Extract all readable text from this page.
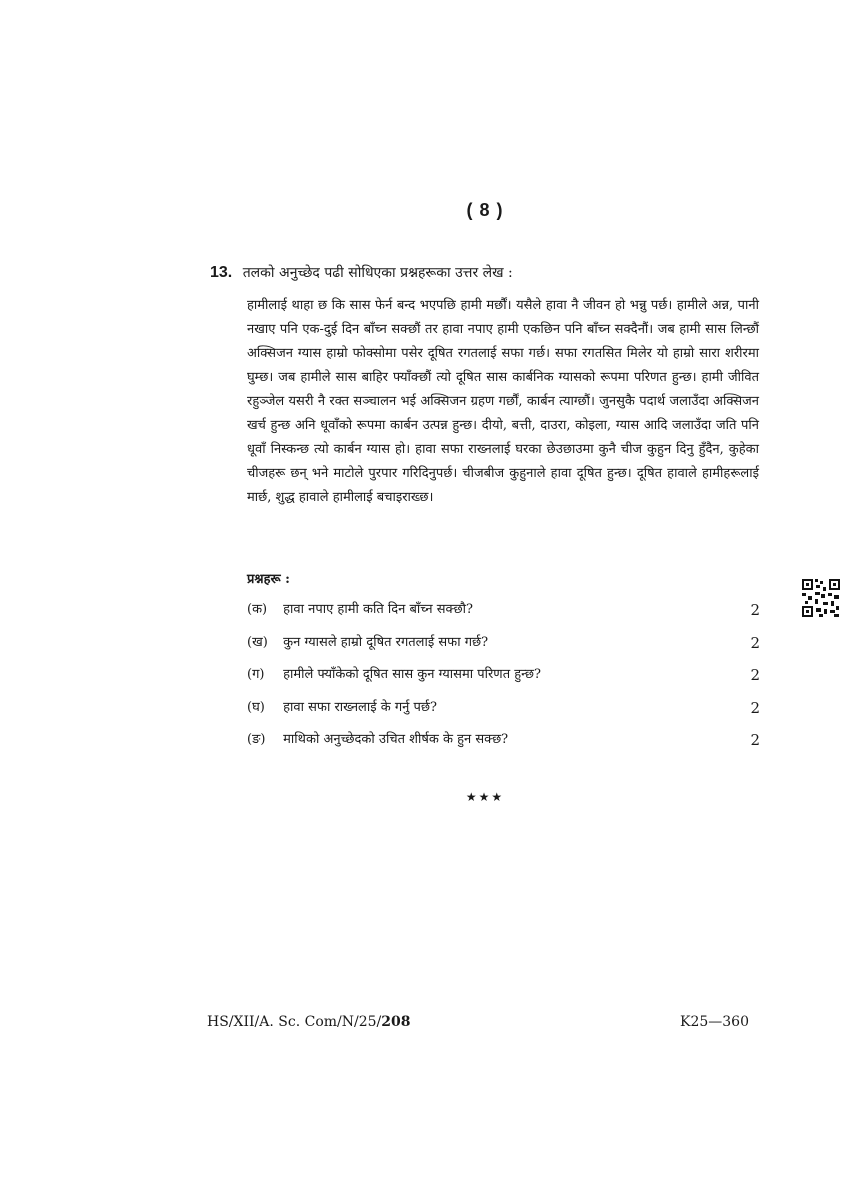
( 8 )
13. तलको अनुच्छेद पढी सोधिएका प्रश्नहरूका उत्तर लेख :

हामीलाई थाहा छ कि सास फेर्न बन्द भएपछि हामी मर्छौं। यसैले हावा नै जीवन हो भन्नु पर्छ। हामीले अन्न, पानी नखाए पनि एक-दुई दिन बाँच्न सक्छौं तर हावा नपाए हामी एकछिन पनि बाँच्न सक्दैनौं। जब हामी सास लिन्छौं अक्सिजन ग्यास हाम्रो फोक्सोमा पसेर दूषित रगतलाई सफा गर्छ। सफा रगतसित मिलेर यो हाम्रो सारा शरीरमा घुम्छ। जब हामीले सास बाहिर फ्याँक्छौं त्यो दूषित सास कार्बनिक ग्यासको रूपमा परिणत हुन्छ। हामी जीवित रहुञ्जेल यसरी नै रक्त सञ्चालन भई अक्सिजन ग्रहण गर्छौं, कार्बन त्याग्छौं। जुनसुकै पदार्थ जलाउँदा अक्सिजन खर्च हुन्छ अनि धूवाँको रूपमा कार्बन उत्पन्न हुन्छ। दीयो, बत्ती, दाउरा, कोइला, ग्यास आदि जलाउँदा जति पनि धूवाँ निस्कन्छ त्यो कार्बन ग्यास हो। हावा सफा राख्नलाई घरका छेउछाउमा कुनै चीज कुहुन दिनु हुँदैन, कुहेका चीजहरू छन् भने माटोले पुरपार गरिदिनुपर्छ। चीजबीज कुहुनाले हावा दूषित हुन्छ। दूषित हावाले हामीहरूलाई मार्छ, शुद्ध हावाले हामीलाई बचाइराख्छ।

प्रश्नहरू :
(क) हावा नपाए हामी कति दिन बाँच्न सक्छौ?	2
(ख) कुन ग्यासले हाम्रो दूषित रगतलाई सफा गर्छ?	2
(ग) हामीले फ्याँकेको दूषित सास कुन ग्यासमा परिणत हुन्छ?	2
(घ) हावा सफा राख्नलाई के गर्नु पर्छ?	2
(ङ) माथिको अनुच्छेदको उचित शीर्षक के हुन सक्छ?	2
★★★
HS/XII/A. Sc. Com/N/25/208	K25—360
